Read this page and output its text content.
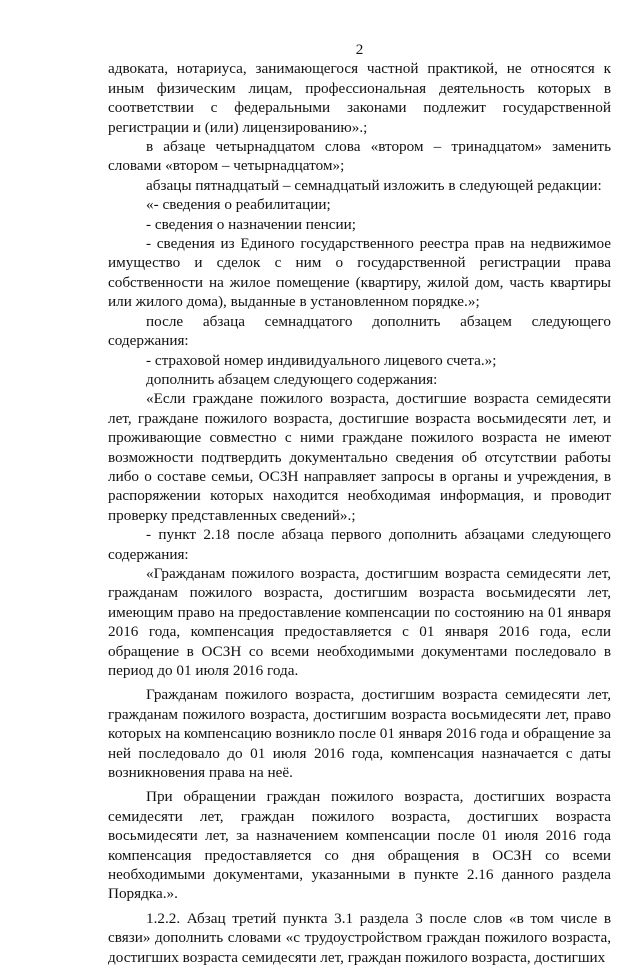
2

адвоката, нотариуса, занимающегося частной практикой, не относятся к иным физическим лицам, профессиональная деятельность которых в соответствии с федеральными законами подлежит государственной регистрации и (или) лицензированию».;

в абзаце четырнадцатом слова «втором – тринадцатом» заменить словами «втором – четырнадцатом»;

абзацы пятнадцатый – семнадцатый изложить в следующей редакции:

«- сведения о реабилитации;

- сведения о назначении пенсии;

- сведения из Единого государственного реестра прав на недвижимое имущество и сделок с ним о государственной регистрации права собственности на жилое помещение (квартиру, жилой дом, часть квартиры или жилого дома), выданные в установленном порядке.»;

после абзаца семнадцатого дополнить абзацем следующего содержания:

- страховой номер индивидуального лицевого счета.»;

дополнить абзацем следующего содержания:

«Если граждане пожилого возраста, достигшие возраста семидесяти лет, граждане пожилого возраста, достигшие возраста восьмидесяти лет, и проживающие совместно с ними граждане пожилого возраста не имеют возможности подтвердить документально сведения об отсутствии работы либо о составе семьи, ОСЗН направляет запросы в органы и учреждения, в распоряжении которых находится необходимая информация, и проводит проверку представленных сведений».;

- пункт 2.18 после абзаца первого дополнить абзацами следующего содержания:

«Гражданам пожилого возраста, достигшим возраста семидесяти лет, гражданам пожилого возраста, достигшим возраста восьмидесяти лет, имеющим право на предоставление компенсации по состоянию на 01 января 2016 года, компенсация предоставляется с 01 января 2016 года, если обращение в ОСЗН со всеми необходимыми документами последовало в период до 01 июля 2016 года.

Гражданам пожилого возраста, достигшим возраста семидесяти лет, гражданам пожилого возраста, достигшим возраста восьмидесяти лет, право которых на компенсацию возникло после 01 января 2016 года и обращение за ней последовало до 01 июля 2016 года, компенсация назначается с даты возникновения права на неё.

При обращении граждан пожилого возраста, достигших возраста семидесяти лет, граждан пожилого возраста, достигших возраста восьмидесяти лет, за назначением компенсации после 01 июля 2016 года компенсация предоставляется со дня обращения в ОСЗН со всеми необходимыми документами, указанными в пункте 2.16 данного раздела Порядка.».

1.2.2. Абзац третий пункта 3.1 раздела 3 после слов «в том числе в связи» дополнить словами «с трудоустройством граждан пожилого возраста, достигших возраста семидесяти лет, граждан пожилого возраста, достигших
